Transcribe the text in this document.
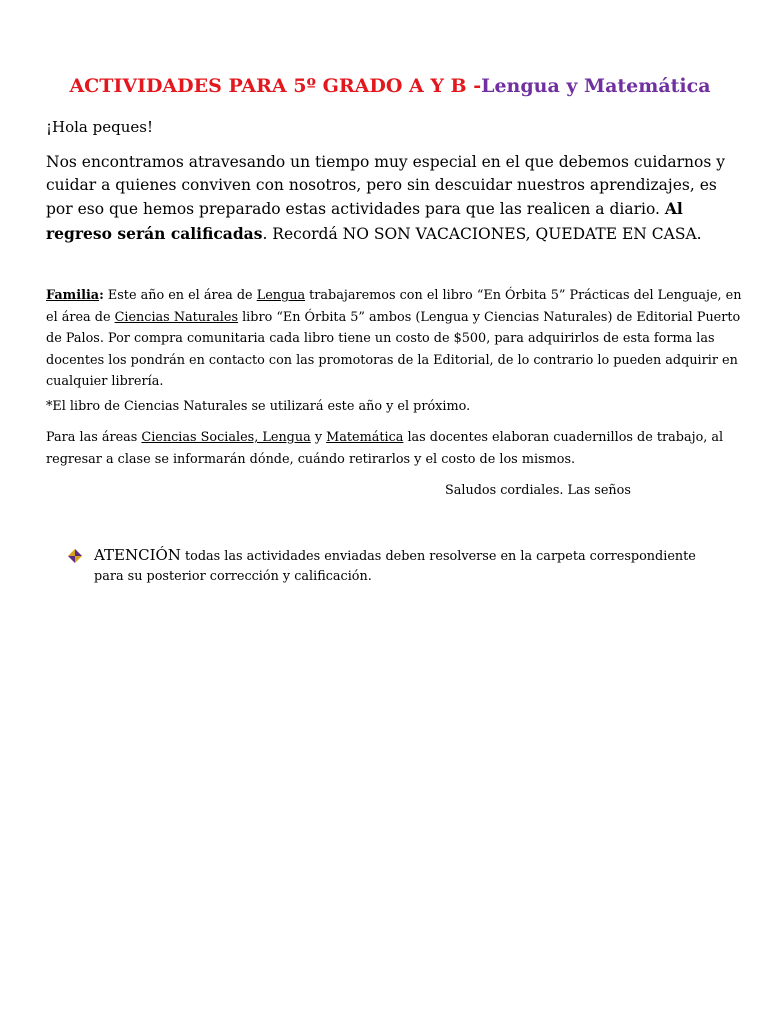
ACTIVIDADES PARA 5º GRADO A Y B -Lengua y Matemática
¡Hola peques!
Nos encontramos atravesando un tiempo muy especial en el que debemos cuidarnos y cuidar a quienes conviven con nosotros, pero sin descuidar nuestros aprendizajes, es por eso que hemos preparado estas actividades para que las realicen a diario. Al regreso serán calificadas. Recordá NO SON VACACIONES, QUEDATE EN CASA.
Familia: Este año en el área de Lengua trabajaremos con el libro “En Órbita 5” Prácticas del Lenguaje, en el área de Ciencias Naturales libro “En Órbita 5” ambos (Lengua y Ciencias Naturales) de Editorial Puerto de Palos. Por compra comunitaria cada libro tiene un costo de $500, para adquirirlos de esta forma las docentes los pondrán en contacto con las promotoras de la Editorial, de lo contrario lo pueden adquirir en cualquier librería.
*El libro de Ciencias Naturales se utilizará este año y el próximo.
Para las áreas Ciencias Sociales, Lengua y Matemática las docentes elaboran cuadernillos de trabajo, al regresar a clase se informarán dónde, cuándo retirarlos y el costo de los mismos.
Saludos cordiales. Las seños
ATENCIÓN todas las actividades enviadas deben resolverse en la carpeta correspondiente para su posterior corrección y calificación.
